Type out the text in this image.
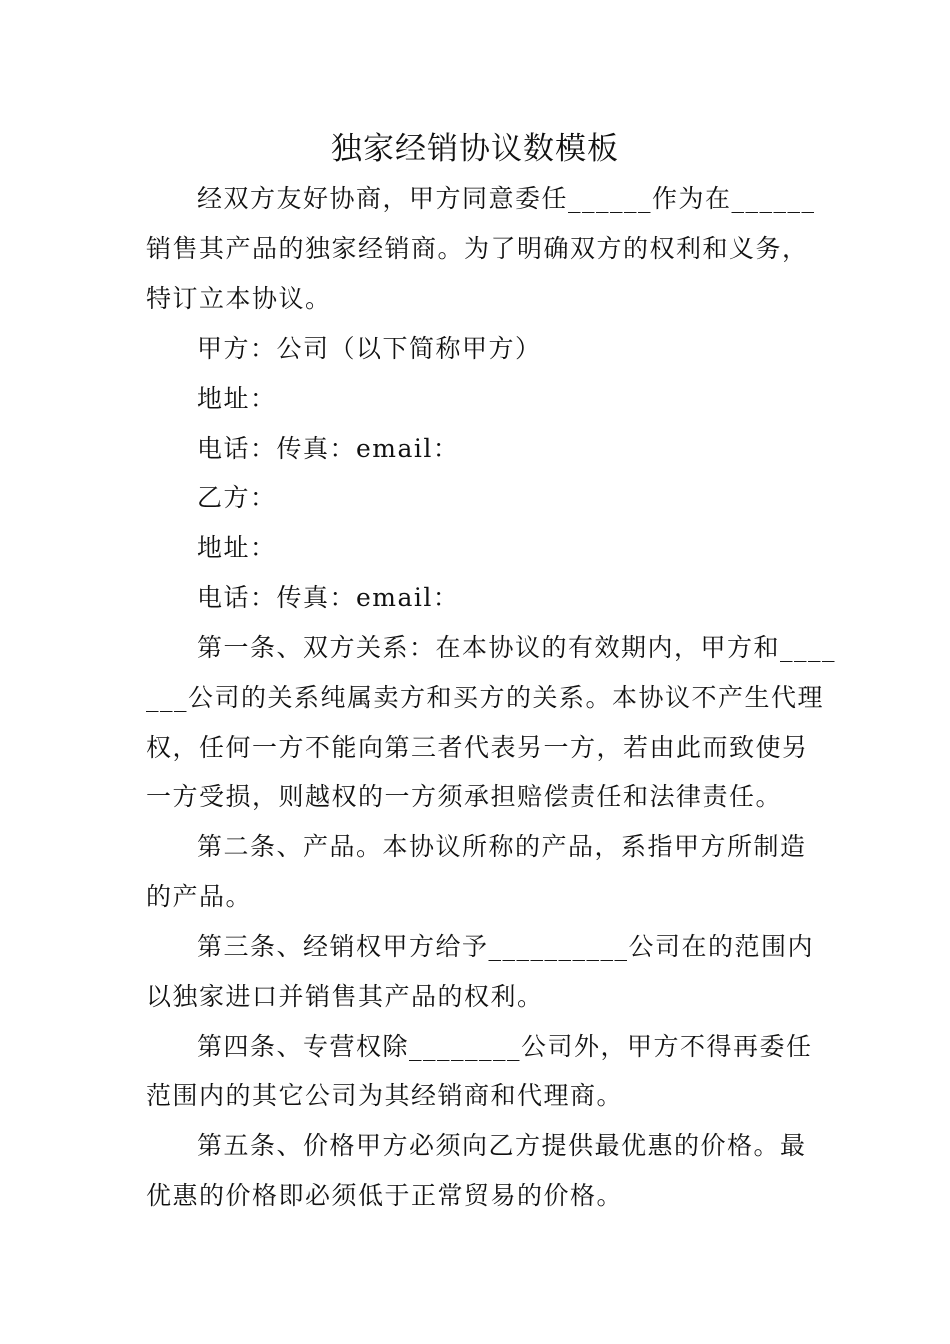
独家经销协议数模板
经双方友好协商，甲方同意委任______作为在______
销售其产品的独家经销商。为了明确双方的权利和义务，
特订立本协议。
甲方：公司（以下简称甲方）
地址：
电话：传真：email：
乙方：
地址：
电话：传真：email：
第一条、双方关系：在本协议的有效期内，甲方和____
___公司的关系纯属卖方和买方的关系。本协议不产生代理
权，任何一方不能向第三者代表另一方，若由此而致使另
一方受损，则越权的一方须承担赔偿责任和法律责任。
第二条、产品。本协议所称的产品，系指甲方所制造
的产品。
第三条、经销权甲方给予__________公司在的范围内
以独家进口并销售其产品的权利。
第四条、专营权除________公司外，甲方不得再委任
范围内的其它公司为其经销商和代理商。
第五条、价格甲方必须向乙方提供最优惠的价格。最
优惠的价格即必须低于正常贸易的价格。
